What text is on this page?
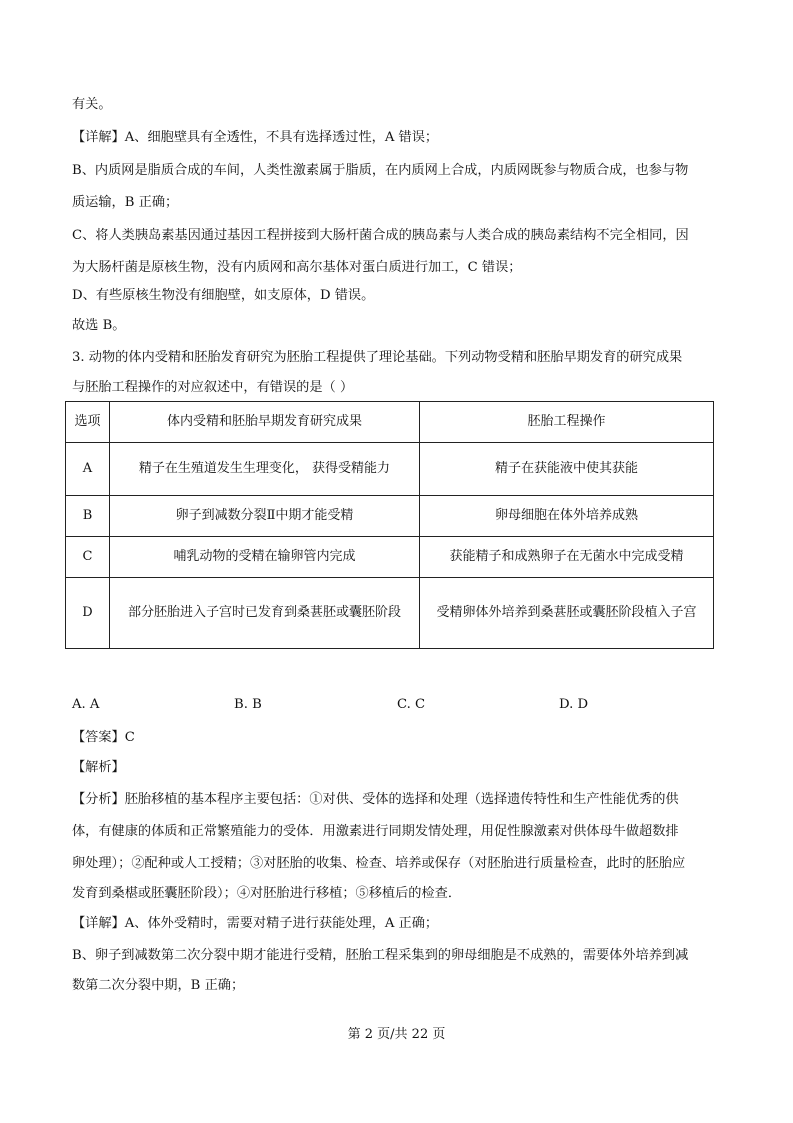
有关。
【详解】A、细胞壁具有全透性，不具有选择透过性，A 错误；
B、内质网是脂质合成的车间，人类性激素属于脂质，在内质网上合成，内质网既参与物质合成，也参与物
质运输，B 正确；
C、将人类胰岛素基因通过基因工程拼接到大肠杆菌合成的胰岛素与人类合成的胰岛素结构不完全相同，因
为大肠杆菌是原核生物，没有内质网和高尔基体对蛋白质进行加工，C 错误；
D、有些原核生物没有细胞壁，如支原体，D 错误。
故选 B。
3. 动物的体内受精和胚胎发育研究为胚胎工程提供了理论基础。下列动物受精和胚胎早期发育的研究成果
与胚胎工程操作的对应叙述中，有错误的是（ ）
选项	体内受精和胚胎早期发育研究成果	胚胎工程操作
A	精子在生殖道发生生理变化， 获得受精能力	精子在获能液中使其获能
B	卵子到减数分裂Ⅱ中期才能受精	卵母细胞在体外培养成熟
C	哺乳动物的受精在输卵管内完成	获能精子和成熟卵子在无菌水中完成受精
D	部分胚胎进入子宫时已发育到桑葚胚或囊胚阶段	受精卵体外培养到桑葚胚或囊胚阶段植入子宫
A. A	B. B	C. C	D. D
【答案】C
【解析】
【分析】胚胎移植的基本程序主要包括：①对供、受体的选择和处理（选择遗传特性和生产性能优秀的供
体，有健康的体质和正常繁殖能力的受体．用激素进行同期发情处理，用促性腺激素对供体母牛做超数排
卵处理）；②配种或人工授精；③对胚胎的收集、检查、培养或保存（对胚胎进行质量检查，此时的胚胎应
发育到桑椹或胚囊胚阶段）；④对胚胎进行移植；⑤移植后的检查．
【详解】A、体外受精时，需要对精子进行获能处理，A 正确；
B、卵子到减数第二次分裂中期才能进行受精，胚胎工程采集到的卵母细胞是不成熟的，需要体外培养到减
数第二次分裂中期，B 正确；
第 2 页/共 22 页
